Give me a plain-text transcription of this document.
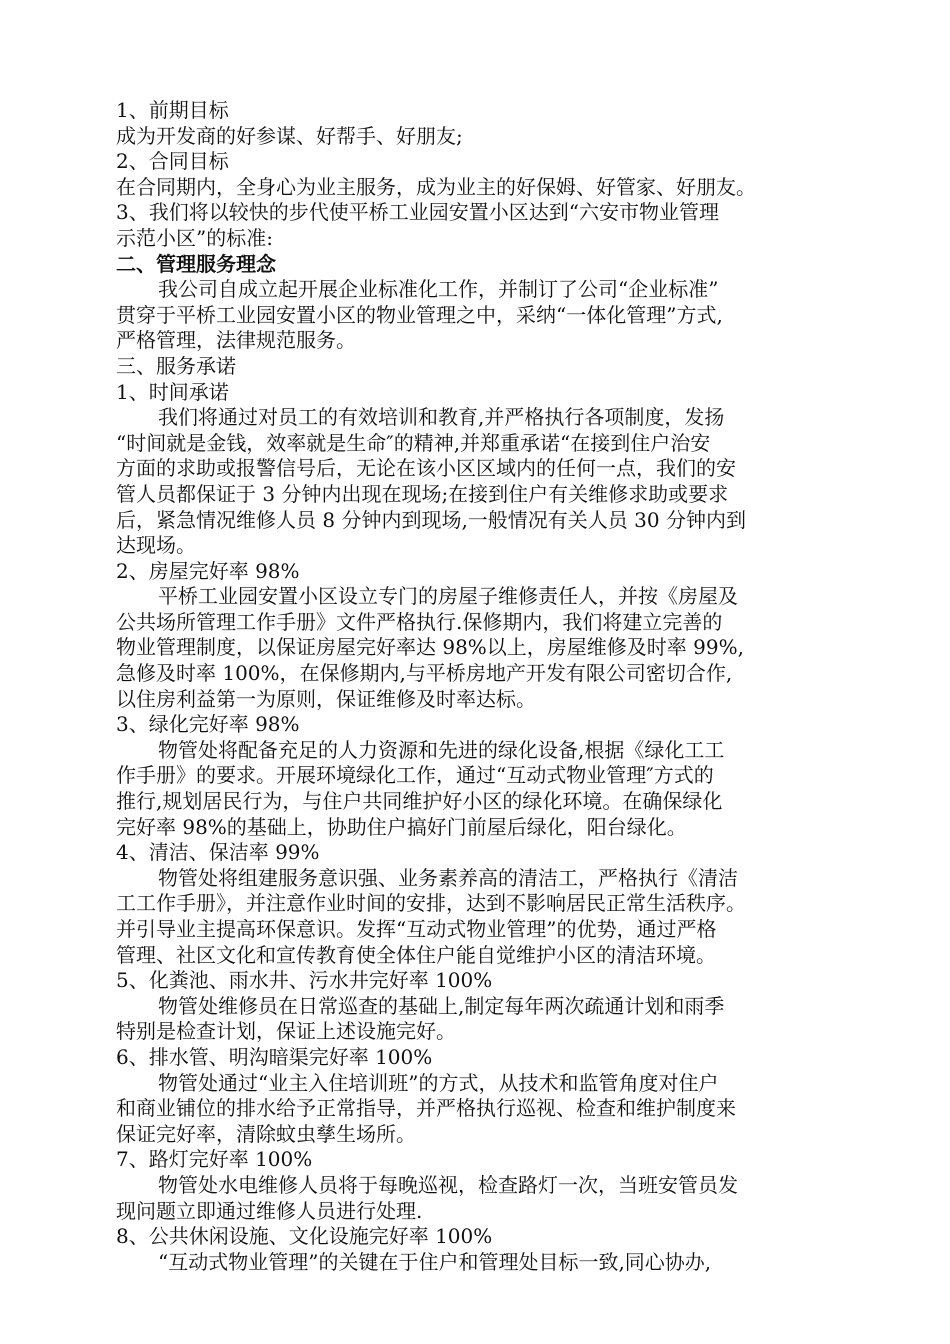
1、前期目标
成为开发商的好参谋、好帮手、好朋友;
2、合同目标
在合同期内，全身心为业主服务，成为业主的好保姆、好管家、好朋友。
3、我们将以较快的步代使平桥工业园安置小区达到“六安市物业管理
示范小区”的标准:
二、管理服务理念
我公司自成立起开展企业标准化工作，并制订了公司“企业标准”
贯穿于平桥工业园安置小区的物业管理之中，采纳“一体化管理”方式,
严格管理，法律规范服务。
三、服务承诺
1、时间承诺
我们将通过对员工的有效培训和教育,并严格执行各项制度，发扬
“时间就是金钱，效率就是生命″的精神,并郑重承诺“在接到住户治安
方面的求助或报警信号后，无论在该小区区域内的任何一点，我们的安
管人员都保证于 3 分钟内出现在现场;在接到住户有关维修求助或要求
后，紧急情况维修人员 8 分钟内到现场,一般情况有关人员 30 分钟内到
达现场。
2、房屋完好率 98%
平桥工业园安置小区设立专门的房屋子维修责任人，并按《房屋及
公共场所管理工作手册》文件严格执行.保修期内，我们将建立完善的
物业管理制度，以保证房屋完好率达 98%以上，房屋维修及时率 99%,
急修及时率 100%，在保修期内,与平桥房地产开发有限公司密切合作,
以住房利益第一为原则，保证维修及时率达标。
3、绿化完好率 98%
物管处将配备充足的人力资源和先进的绿化设备,根据《绿化工工
作手册》的要求。开展环境绿化工作，通过“互动式物业管理″方式的
推行,规划居民行为，与住户共同维护好小区的绿化环境。在确保绿化
完好率 98%的基础上，协助住户搞好门前屋后绿化，阳台绿化。
4、清洁、保洁率 99%
物管处将组建服务意识强、业务素养高的清洁工，严格执行《清洁
工工作手册》，并注意作业时间的安排，达到不影响居民正常生活秩序。
并引导业主提高环保意识。发挥“互动式物业管理”的优势，通过严格
管理、社区文化和宣传教育使全体住户能自觉维护小区的清洁环境。
5、化粪池、雨水井、污水井完好率 100%
物管处维修员在日常巡查的基础上,制定每年两次疏通计划和雨季
特别是检查计划，保证上述设施完好。
6、排水管、明沟暗渠完好率 100%
物管处通过“业主入住培训班”的方式，从技术和监管角度对住户
和商业铺位的排水给予正常指导，并严格执行巡视、检查和维护制度来
保证完好率，清除蚊虫孳生场所。
7、路灯完好率 100%
物管处水电维修人员将于每晚巡视，检查路灯一次，当班安管员发
现问题立即通过维修人员进行处理.
8、公共休闲设施、文化设施完好率 100%
“互动式物业管理”的关键在于住户和管理处目标一致,同心协办,
